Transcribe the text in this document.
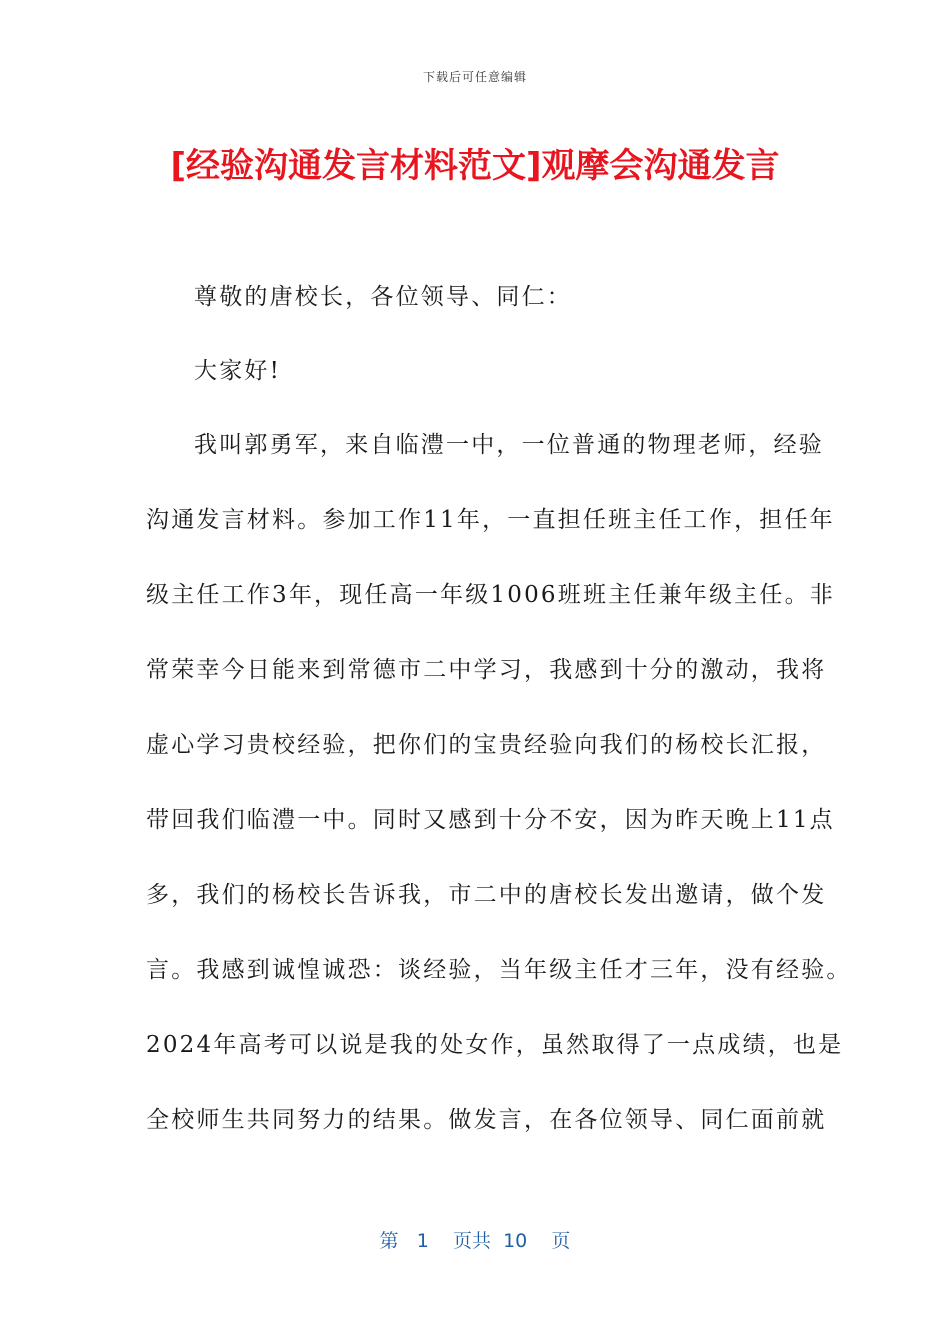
下载后可任意编辑
[经验沟通发言材料范文]观摩会沟通发言

尊敬的唐校长，各位领导、同仁：

大家好!

我叫郭勇军，来自临澧一中，一位普通的物理老师，经验
沟通发言材料。参加工作11年，一直担任班主任工作，担任年
级主任工作3年，现任高一年级1006班班主任兼年级主任。非
常荣幸今日能来到常德市二中学习，我感到十分的激动，我将
虚心学习贵校经验，把你们的宝贵经验向我们的杨校长汇报，
带回我们临澧一中。同时又感到十分不安，因为昨天晚上11点
多，我们的杨校长告诉我，市二中的唐校长发出邀请，做个发
言。我感到诚惶诚恐：谈经验，当年级主任才三年，没有经验。
2024年高考可以说是我的处女作，虽然取得了一点成绩，也是
全校师生共同努力的结果。做发言，在各位领导、同仁面前就

第 1 页共 10 页
